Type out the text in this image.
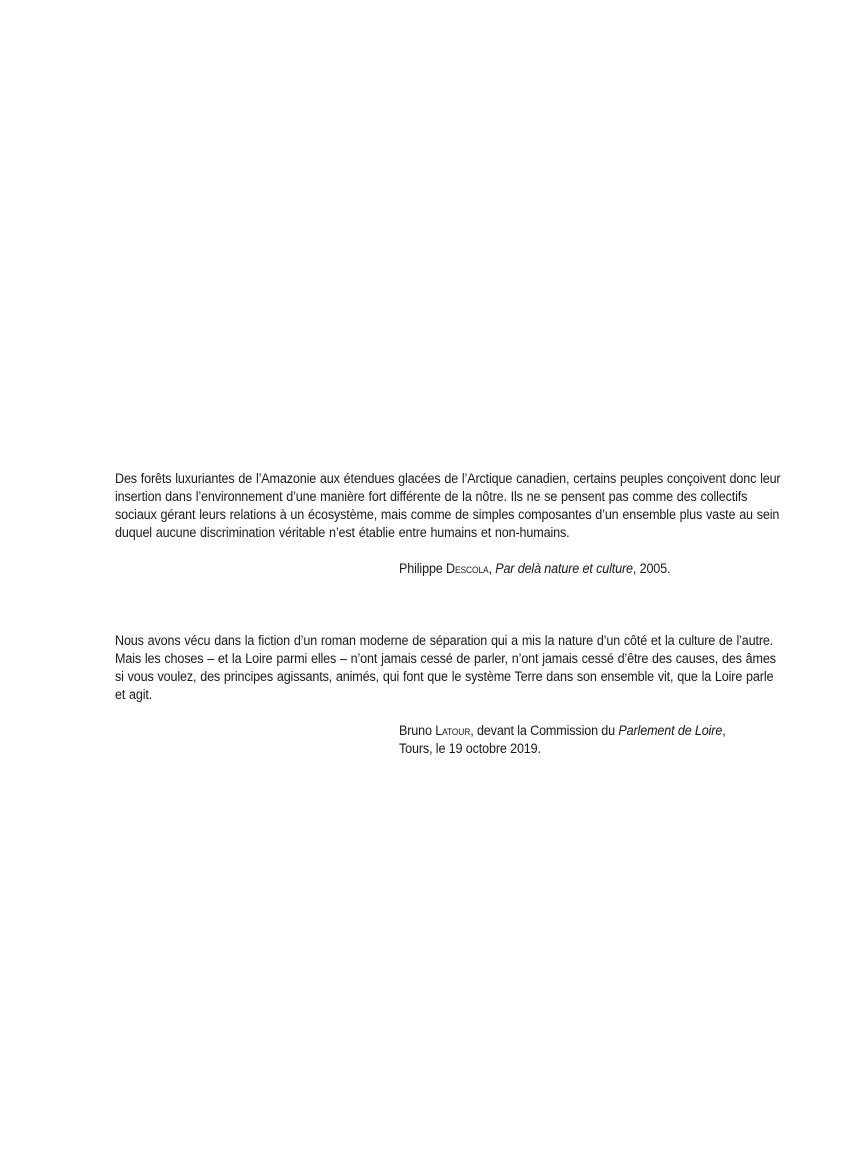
Des forêts luxuriantes de l’Amazonie aux étendues glacées de l’Arctique canadien, certains peuples conçoivent donc leur insertion dans l’environnement d’une manière fort différente de la nôtre. Ils ne se pensent pas comme des collectifs sociaux gérant leurs relations à un écosystème, mais comme de simples composantes d’un ensemble plus vaste au sein duquel aucune discrimination véritable n’est établie entre humains et non-humains.

Philippe Descola, Par delà nature et culture, 2005.

Nous avons vécu dans la fiction d’un roman moderne de séparation qui a mis la nature d’un côté et la culture de l’autre. Mais les choses – et la Loire parmi elles – n’ont jamais cessé de parler, n’ont jamais cessé d’être des causes, des âmes si vous voulez, des principes agissants, animés, qui font que le système Terre dans son ensemble vit, que la Loire parle et agit.

Bruno Latour, devant la Commission du Parlement de Loire,
Tours, le 19 octobre 2019.
